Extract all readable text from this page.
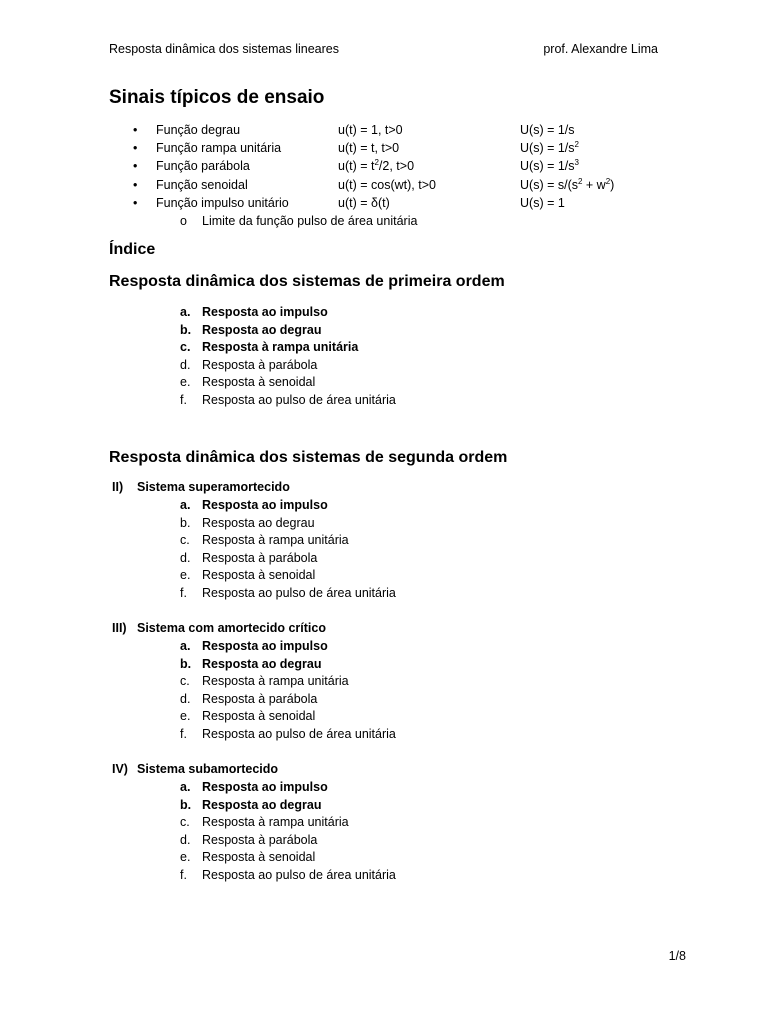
Resposta dinâmica dos sistemas lineares	prof. Alexandre Lima
Sinais típicos de ensaio
• Função degrau	u(t) = 1, t>0	U(s) = 1/s
• Função rampa unitária	u(t) = t, t>0	$U(s) = 1/s^2$
• Função parábola	$u(t) = t^2/2$, t>0	$U(s) = 1/s^3$
• Função senoidal	u(t) = cos(wt), t>0	$U(s) = s/(s^2 + w^2)$
• Função impulso unitário	u(t) = δ(t)	U(s) = 1
o Limite da função pulso de área unitária
Índice
Resposta dinâmica dos sistemas de primeira ordem
a. Resposta ao impulso
b. Resposta ao degrau
c. Resposta à rampa unitária
d. Resposta à parábola
e. Resposta à senoidal
f. Resposta ao pulso de área unitária
Resposta dinâmica dos sistemas de segunda ordem
II) Sistema superamortecido
a. Resposta ao impulso
b. Resposta ao degrau
c. Resposta à rampa unitária
d. Resposta à parábola
e. Resposta à senoidal
f. Resposta ao pulso de área unitária
III) Sistema com amortecido crítico
a. Resposta ao impulso
b. Resposta ao degrau
c. Resposta à rampa unitária
d. Resposta à parábola
e. Resposta à senoidal
f. Resposta ao pulso de área unitária
IV) Sistema subamortecido
a. Resposta ao impulso
b. Resposta ao degrau
c. Resposta à rampa unitária
d. Resposta à parábola
e. Resposta à senoidal
f. Resposta ao pulso de área unitária
1/8
